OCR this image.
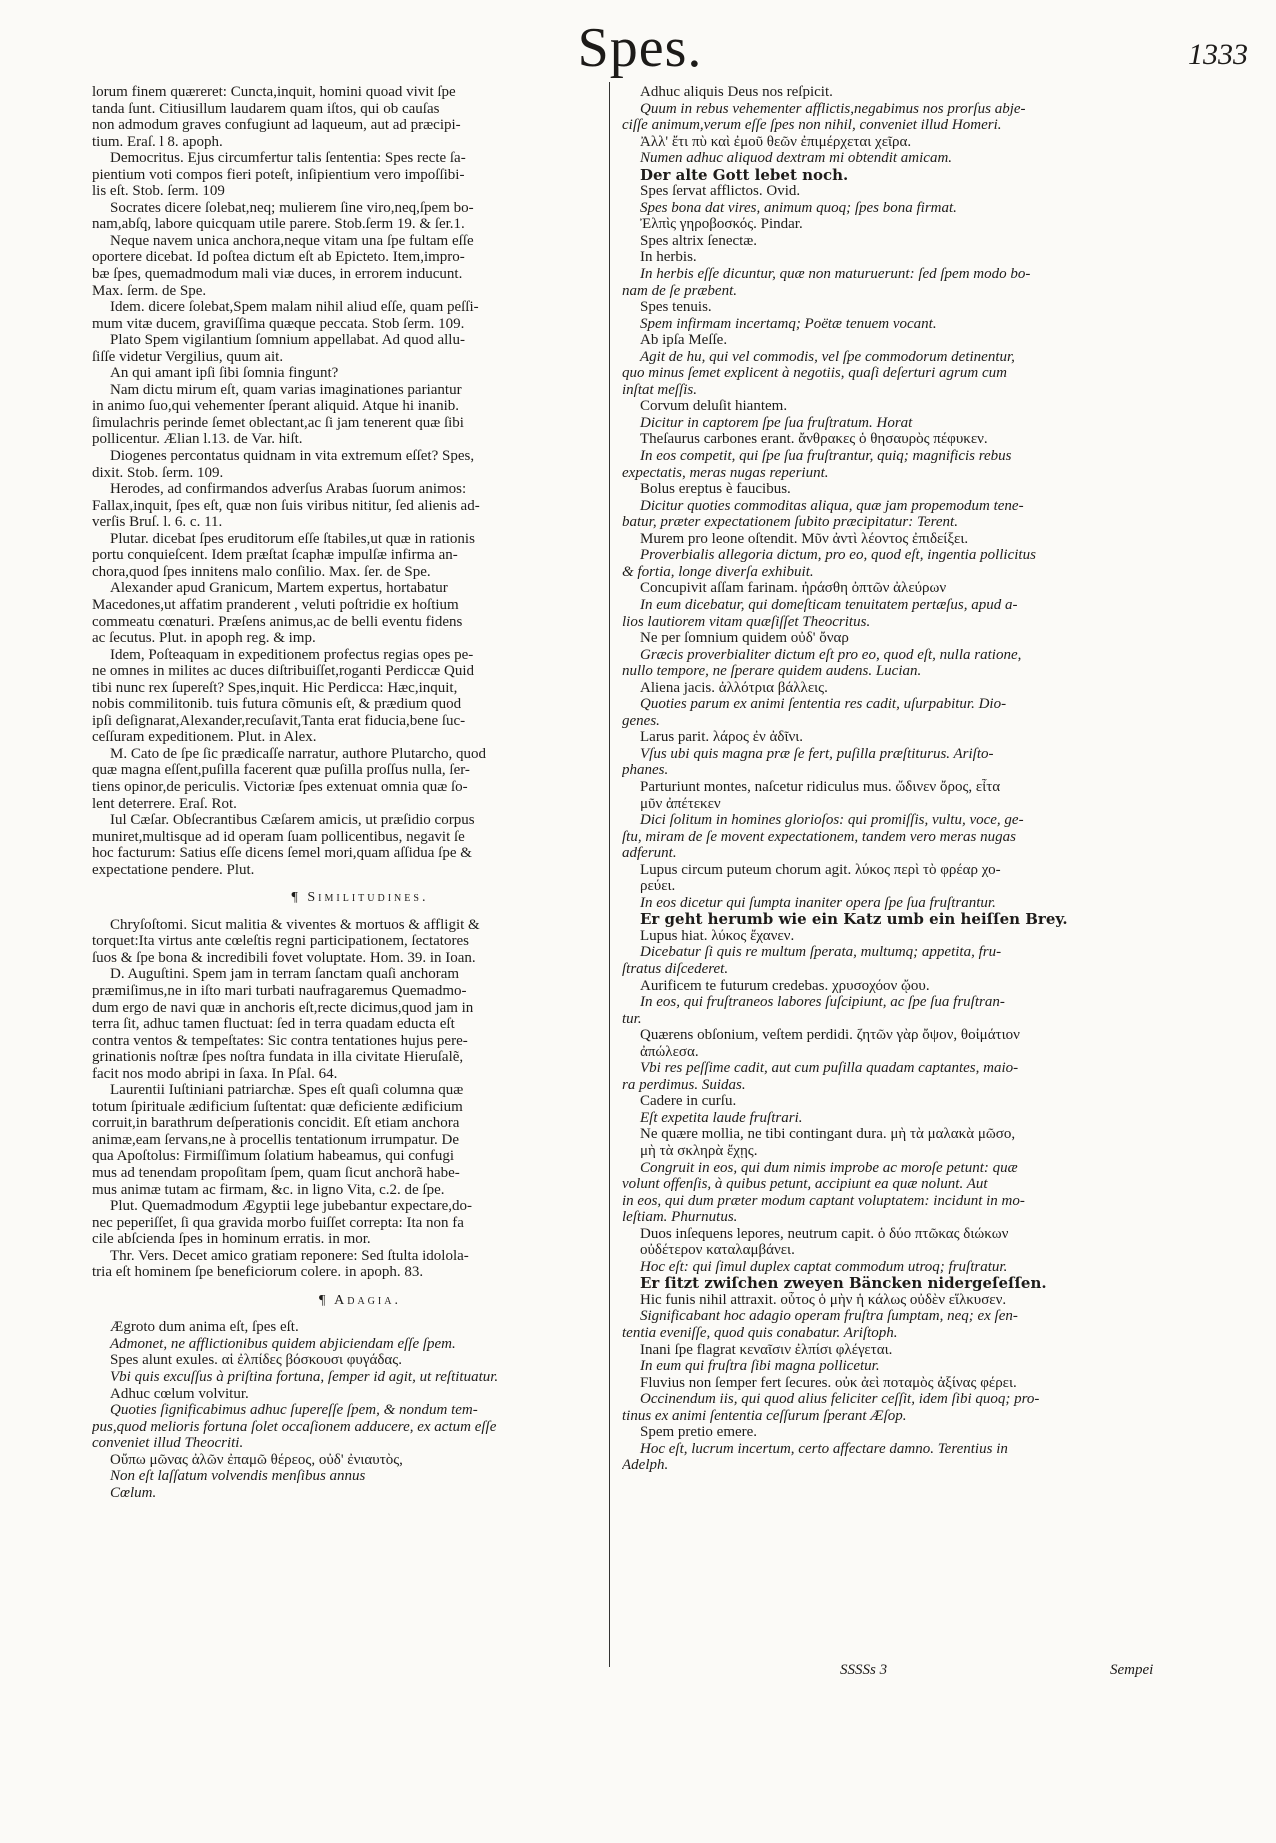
Spes.	1333
lorum finem quæreret: Cuncta,inquit, homini quoad vivit ſpe
tanda ſunt. Citiusillum laudarem quam iſtos, qui ob cauſas
non admodum graves confugiunt ad laqueum, aut ad præcipi-
tium. Eraſ. l 8. apoph.
Democritus. Ejus circumfertur talis ſententia: Spes recte ſa-
pientium voti compos fieri poteſt, inſipientium vero impoſſibi-
lis eſt. Stob. ſerm. 109
Socrates dicere ſolebat,neq; mulierem ſine viro,neq,ſpem bo-
nam,abſq, labore quicquam utile parere. Stob.ſerm 19. & ſer.1.
Neque navem unica anchora,neque vitam una ſpe fultam eſſe
oportere dicebat. Id poſtea dictum eſt ab Epicteto. Item,impro-
bæ ſpes, quemadmodum mali viæ duces, in errorem inducunt.
Max. ſerm. de Spe.
Idem. dicere ſolebat,Spem malam nihil aliud eſſe, quam peſſi-
mum vitæ ducem, graviſſima quæque peccata. Stob ſerm. 109.
Plato Spem vigilantium ſomnium appellabat. Ad quod allu-
ſiſſe videtur Vergilius, quum ait.
An qui amant ipſi ſibi ſomnia fingunt?
Nam dictu mirum eſt, quam varias imaginationes pariantur
in animo ſuo,qui vehementer ſperant aliquid. Atque hi inanib.
ſimulachris perinde ſemet oblectant,ac ſi jam tenerent quæ ſibi
pollicentur. Ælian l.13. de Var. hiſt.
Diogenes percontatus quidnam in vita extremum eſſet? Spes,
dixit. Stob. ſerm. 109.
Herodes, ad confirmandos adverſus Arabas ſuorum animos:
Fallax,inquit, ſpes eſt, quæ non ſuis viribus nititur, ſed alienis ad-
verſis Bruſ. l. 6. c. 11.
Plutar. dicebat ſpes eruditorum eſſe ſtabiles,ut quæ in rationis
portu conquieſcent. Idem præſtat ſcaphæ impulſæ infirma an-
chora,quod ſpes innitens malo conſilio. Max. ſer. de Spe.
Alexander apud Granicum, Martem expertus, hortabatur
Macedones,ut affatim pranderent , veluti poſtridie ex hoſtium
commeatu cœnaturi. Præſens animus,ac de belli eventu fidens
ac ſecutus. Plut. in apoph reg. & imp.
Idem, Poſteaquam in expeditionem profectus regias opes pe-
ne omnes in milites ac duces diſtribuiſſet,roganti Perdiccæ Quid
tibi nunc rex ſupereſt? Spes,inquit. Hic Perdicca: Hæc,inquit,
nobis commilitonib. tuis futura cõmunis eſt, & prædium quod
ipſi deſignarat,Alexander,recuſavit,Tanta erat fiducia,bene ſuc-
ceſſuram expeditionem. Plut. in Alex.
M. Cato de ſpe ſic prædicaſſe narratur, authore Plutarcho, quod
quæ magna eſſent,puſilla facerent quæ puſilla proſſus nulla, ſer-
tiens opinor,de periculis. Victoriæ ſpes extenuat omnia quæ ſo-
lent deterrere. Eraſ. Rot.
Iul Cæſar. Obſecrantibus Cæſarem amicis, ut præſidio corpus
muniret,multisque ad id operam ſuam pollicentibus, negavit ſe
hoc facturum: Satius eſſe dicens ſemel mori,quam aſſidua ſpe &
expectatione pendere. Plut.
¶ Similitudines.
Chryſoſtomi. Sicut malitia & viventes & mortuos & affligit &
torquet:Ita virtus ante cœleſtis regni participationem, ſectatores
ſuos & ſpe bona & incredibili fovet voluptate. Hom. 39. in Ioan.
D. Auguſtini. Spem jam in terram ſanctam quaſi anchoram
præmiſimus,ne in iſto mari turbati naufragaremus Quemadmo-
dum ergo de navi quæ in anchoris eſt,recte dicimus,quod jam in
terra ſit, adhuc tamen fluctuat: ſed in terra quadam educta eſt
contra ventos & tempeſtates: Sic contra tentationes hujus pere-
grinationis noſtræ ſpes noſtra fundata in illa civitate Hieruſalẽ,
facit nos modo abripi in ſaxa. In Pſal. 64.
Laurentii Iuſtiniani patriarchæ. Spes eſt quaſi columna quæ
totum ſpirituale ædificium ſuſtentat: quæ deficiente ædificium
corruit,in barathrum deſperationis concidit. Eſt etiam anchora
animæ,eam ſervans,ne à procellis tentationum irrumpatur. De
qua Apoſtolus: Firmiſſimum ſolatium habeamus, qui confugi
mus ad tenendam propoſitam ſpem, quam ſicut anchorã habe-
mus animæ tutam ac firmam, &c. in ligno Vita, c.2. de ſpe.
Plut. Quemadmodum Ægyptii lege jubebantur expectare,do-
nec peperiſſet, ſi qua gravida morbo fuiſſet correpta: Ita non fa
cile abſcienda ſpes in hominum erratis. in mor.
Thr. Vers. Decet amico gratiam reponere: Sed ſtulta idolola-
tria eſt hominem ſpe beneficiorum colere. in apoph. 83.
¶ Adagia.
Ægroto dum anima eſt, ſpes eſt.
Admonet, ne afflictionibus quidem abjiciendam eſſe ſpem.
Spes alunt exules. αἱ ἐλπίδες βόσκουσι φυγάδας.
Vbi quis excuſſus à priſtina fortuna, ſemper id agit, ut reſtituatur.
Adhuc cœlum volvitur.
Quoties ſignificabimus adhuc ſupereſſe ſpem, & nondum tem-
pus,quod melioris fortuna ſolet occaſionem adducere, ex actum eſſe
conveniet illud Theocriti.
Οὔπω μῶνας ἀλῶν ἐπαμῶ θέρεος, οὐδ' ἐνιαυτὸς,
Non eſt laſſatum volvendis menſibus annus
Cœlum.
Adhuc aliquis Deus nos reſpicit.
Quum in rebus vehementer afflictis,negabimus nos prorſus abje-
ciſſe animum,verum eſſe ſpes non nihil, conveniet illud Homeri.
Ἀλλ' ἔτι πὺ καὶ ἐμοῦ θεῶν ἐπιμέρχεται χεῖρα.
Numen adhuc aliquod dextram mi obtendit amicam.
Der alte Gott lebet noch.
Spes ſervat afflictos. Ovid.
Spes bona dat vires, animum quoq; ſpes bona firmat.
Ἐλπὶς γηροβοσκός. Pindar.
Spes altrix ſenectæ.
In herbis.
In herbis eſſe dicuntur, quæ non maturuerunt: ſed ſpem modo bo-
nam de ſe præbent.
Spes tenuis.
Spem infirmam incertamq; Poëtæ tenuem vocant.
Ab ipſa Meſſe.
Agit de hu, qui vel commodis, vel ſpe commodorum detinentur,
quo minus ſemet explicent à negotiis, quaſi deſerturi agrum cum
inſtat meſſis.
Corvum deluſit hiantem.
Dicitur in captorem ſpe ſua fruſtratum. Horat
Theſaurus carbones erant. ἄνθρακες ὁ θησαυρὸς πέφυκεν.
In eos competit, qui ſpe ſua fruſtrantur, quiq; magnificis rebus
expectatis, meras nugas reperiunt.
Bolus ereptus è faucibus.
Dicitur quoties commoditas aliqua, quæ jam propemodum tene-
batur, præter expectationem ſubito præcipitatur: Terent.
Murem pro leone oſtendit. Μῦν ἀντὶ λέοντος ἐπιδείξει.
Proverbialis allegoria dictum, pro eo, quod eſt, ingentia pollicitus
& fortia, longe diverſa exhibuit.
Concupivit aſſam farinam. ἠράσθη ὀπτῶν ἀλεύρων
In eum dicebatur, qui domeſticam tenuitatem pertæſus, apud a-
lios lautiorem vitam quæſiſſet Theocritus.
Ne per ſomnium quidem οὐδ' ὄναρ
Græcis proverbialiter dictum eſt pro eo, quod eſt, nulla ratione,
nullo tempore, ne ſperare quidem audens. Lucian.
Aliena jacis. ἀλλότρια βάλλεις.
Quoties parum ex animi ſententia res cadit, uſurpabitur. Dio-
genes.
Larus parit. λάρος ἐν ἀδῖνι.
Vſus ubi quis magna præ ſe fert, puſilla præſtiturus. Ariſto-
phanes.
Parturiunt montes, naſcetur ridiculus mus. ὤδινεν ὄρος, εἶτα
μῦν ἀπέτεκεν
Dici ſolitum in homines glorioſos: qui promiſſis, vultu, voce, ge-
ſtu, miram de ſe movent expectationem, tandem vero meras nugas
adferunt.
Lupus circum puteum chorum agit. λύκος περὶ τὸ φρέαρ χο-
ρεύει.
In eos dicetur qui ſumpta inaniter opera ſpe ſua fruſtrantur.
Er geht herumb wie ein Katz umb ein heiſſen Brey.
Lupus hiat. λύκος ἔχανεν.
Dicebatur ſi quis re multum ſperata, multumq; appetita, fru-
ſtratus diſcederet.
Aurificem te futurum credebas. χρυσοχόον ᾤου.
In eos, qui fruſtraneos labores ſuſcipiunt, ac ſpe ſua fruſtran-
tur.
Quærens obſonium, veſtem perdidi. ζητῶν γὰρ ὄψον, θοἰμάτιον
ἀπώλεσα.
Vbi res peſſime cadit, aut cum puſilla quadam captantes, maio-
ra perdimus. Suidas.
Cadere in curſu.
Eſt expetita laude fruſtrari.
Ne quære mollia, ne tibi contingant dura. μὴ τὰ μαλακὰ μῶσο,
μὴ τὰ σκληρὰ ἔχῃς.
Congruit in eos, qui dum nimis improbe ac moroſe petunt: quæ
volunt offenſis, à quibus petunt, accipiunt ea quæ nolunt. Aut
in eos, qui dum præter modum captant voluptatem: incidunt in mo-
leſtiam. Phurnutus.
Duos inſequens lepores, neutrum capit. ὁ δύο πτῶκας διώκων
οὐδέτερον καταλαμβάνει.
Hoc eſt: qui ſimul duplex captat commodum utroq; fruſtratur.
Er ſitzt zwiſchen zweyen Bäncken nidergeſeſſen.
Hic funis nihil attraxit. οὗτος ὁ μὴν ἡ κάλως οὐδὲν εἵλκυσεν.
Significabant hoc adagio operam fruſtra ſumptam, neq; ex ſen-
tentia eveniſſe, quod quis conabatur. Ariſtoph.
Inani ſpe flagrat κεναῖσιν ἐλπίσι φλέγεται.
In eum qui fruſtra ſibi magna pollicetur.
Fluvius non ſemper fert ſecures. οὐκ ἀεὶ ποταμὸς ἀξίνας φέρει.
Occinendum iis, qui quod alius feliciter ceſſit, idem ſibi quoq; pro-
tinus ex animi ſententia ceſſurum ſperant Æſop.
Spem pretio emere.
Hoc eſt, lucrum incertum, certo affectare damno. Terentius in
Adelph.
SSSSs 3	Sempei
